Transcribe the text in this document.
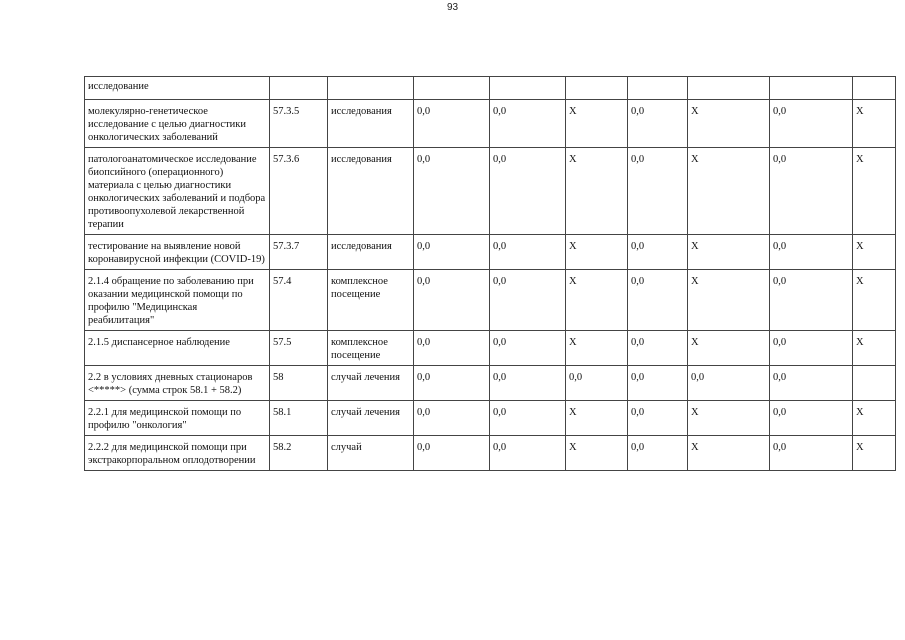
93
исследование									
молекулярно-генетическое исследование с целью диагностики онкологических заболеваний	57.3.5	исследования	0,0	0,0	X	0,0	X	0,0	X
патологоанатомическое исследование биопсийного (операционного) материала с целью диагностики онкологических заболеваний и подбора противоопухолевой лекарственной терапии	57.3.6	исследования	0,0	0,0	X	0,0	X	0,0	X
тестирование на выявление новой коронавирусной инфекции (COVID-19)	57.3.7	исследования	0,0	0,0	X	0,0	X	0,0	X
2.1.4 обращение по заболеванию при оказании медицинской помощи по профилю "Медицинская реабилитация"	57.4	комплексное посещение	0,0	0,0	X	0,0	X	0,0	X
2.1.5 диспансерное наблюдение	57.5	комплексное посещение	0,0	0,0	X	0,0	X	0,0	X
2.2 в условиях дневных стационаров <*****> (сумма строк 58.1 + 58.2)	58	случай лечения	0,0	0,0	0,0	0,0	0,0	0,0	
2.2.1 для медицинской помощи по профилю "онкология"	58.1	случай лечения	0,0	0,0	X	0,0	X	0,0	X
2.2.2 для медицинской помощи при экстракорпоральном оплодотворении	58.2	случай	0,0	0,0	X	0,0	X	0,0	X
